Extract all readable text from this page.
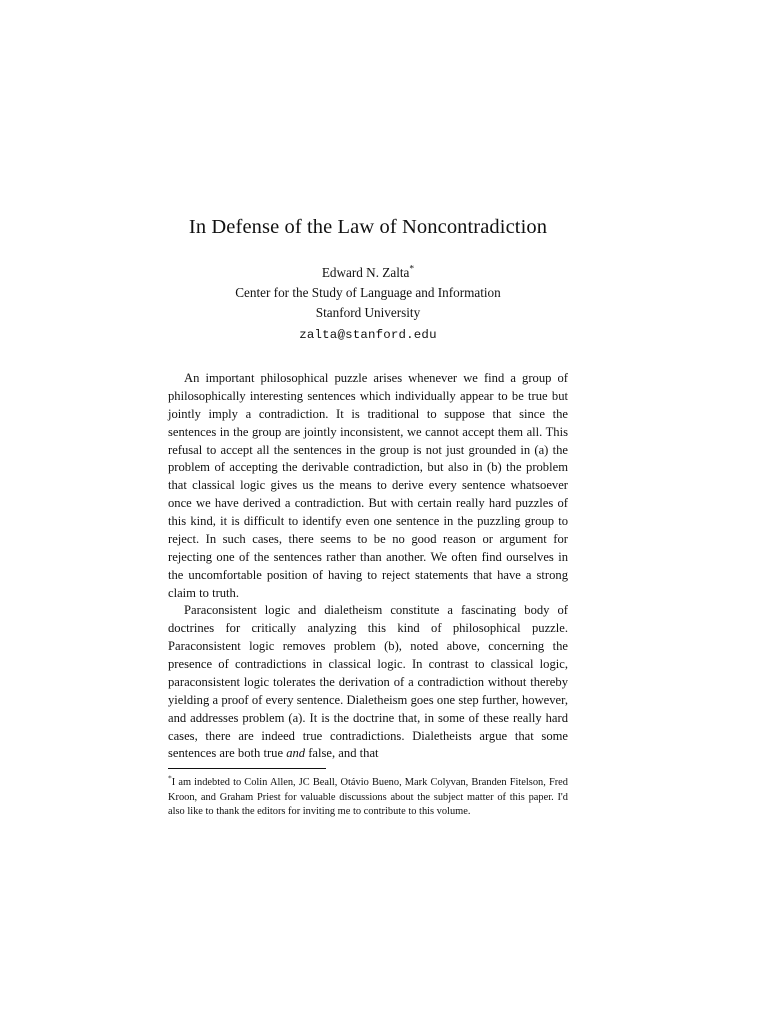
In Defense of the Law of Noncontradiction
Edward N. Zalta*
Center for the Study of Language and Information
Stanford University
zalta@stanford.edu

An important philosophical puzzle arises whenever we find a group of philosophically interesting sentences which individually appear to be true but jointly imply a contradiction. It is traditional to suppose that since the sentences in the group are jointly inconsistent, we cannot accept them all. This refusal to accept all the sentences in the group is not just grounded in (a) the problem of accepting the derivable contradiction, but also in (b) the problem that classical logic gives us the means to derive every sentence whatsoever once we have derived a contradiction. But with certain really hard puzzles of this kind, it is difficult to identify even one sentence in the puzzling group to reject. In such cases, there seems to be no good reason or argument for rejecting one of the sentences rather than another. We often find ourselves in the uncomfortable position of having to reject statements that have a strong claim to truth.

Paraconsistent logic and dialetheism constitute a fascinating body of doctrines for critically analyzing this kind of philosophical puzzle. Paraconsistent logic removes problem (b), noted above, concerning the presence of contradictions in classical logic. In contrast to classical logic, paraconsistent logic tolerates the derivation of a contradiction without thereby yielding a proof of every sentence. Dialetheism goes one step further, however, and addresses problem (a). It is the doctrine that, in some of these really hard cases, there are indeed true contradictions. Dialetheists argue that some sentences are both true and false, and that

*I am indebted to Colin Allen, JC Beall, Otávio Bueno, Mark Colyvan, Branden Fitelson, Fred Kroon, and Graham Priest for valuable discussions about the subject matter of this paper. I'd also like to thank the editors for inviting me to contribute to this volume.
